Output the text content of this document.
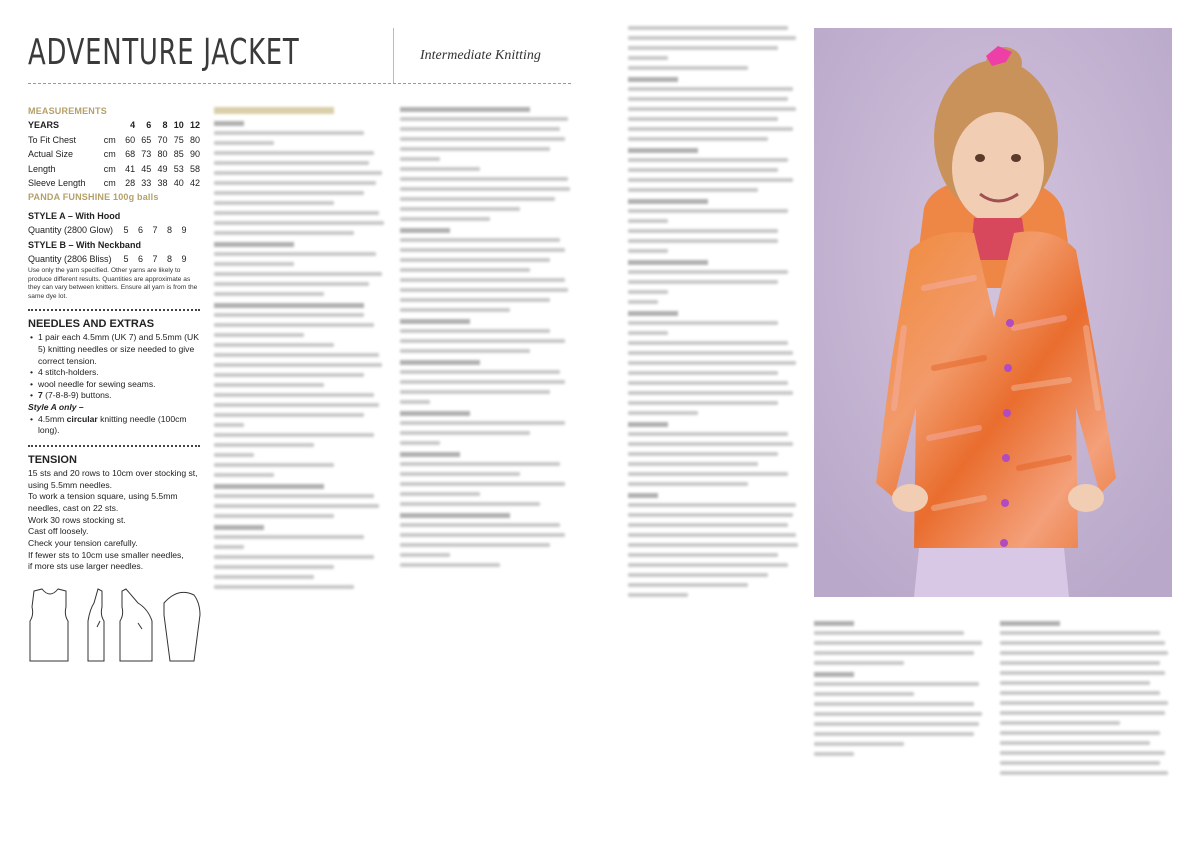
ADVENTURE JACKET	Intermediate Knitting
MEASUREMENTS
YEARS		4	6	8	10	12
To Fit Chest	cm	60	65	70	75	80
Actual Size	cm	68	73	80	85	90
Length	cm	41	45	49	53	58
Sleeve Length	cm	28	33	38	40	42
PANDA FUNSHINE 100g balls
STYLE A – With Hood
Quantity (2800 Glow)	5	6	7	8	9
STYLE B – With Neckband
Quantity (2806 Bliss)	5	6	7	8	9
Use only the yarn specified. Other yarns are likely to produce different results. Quantities are approximate as they can vary between knitters. Ensure all yarn is from the same dye lot.
NEEDLES AND EXTRAS
• 1 pair each 4.5mm (UK 7) and 5.5mm (UK 5) knitting needles or size needed to give correct tension.
• 4 stitch-holders.
• wool needle for sewing seams.
• 7 (7-8-8-9) buttons.
Style A only –
• 4.5mm circular knitting needle (100cm long).
TENSION
15 sts and 20 rows to 10cm over stocking st,
using 5.5mm needles.
To work a tension square, using 5.5mm
needles, cast on 22 sts.
Work 30 rows stocking st.
Cast off loosely.
Check your tension carefully.
If fewer sts to 10cm use smaller needles,
if more sts use larger needles.
